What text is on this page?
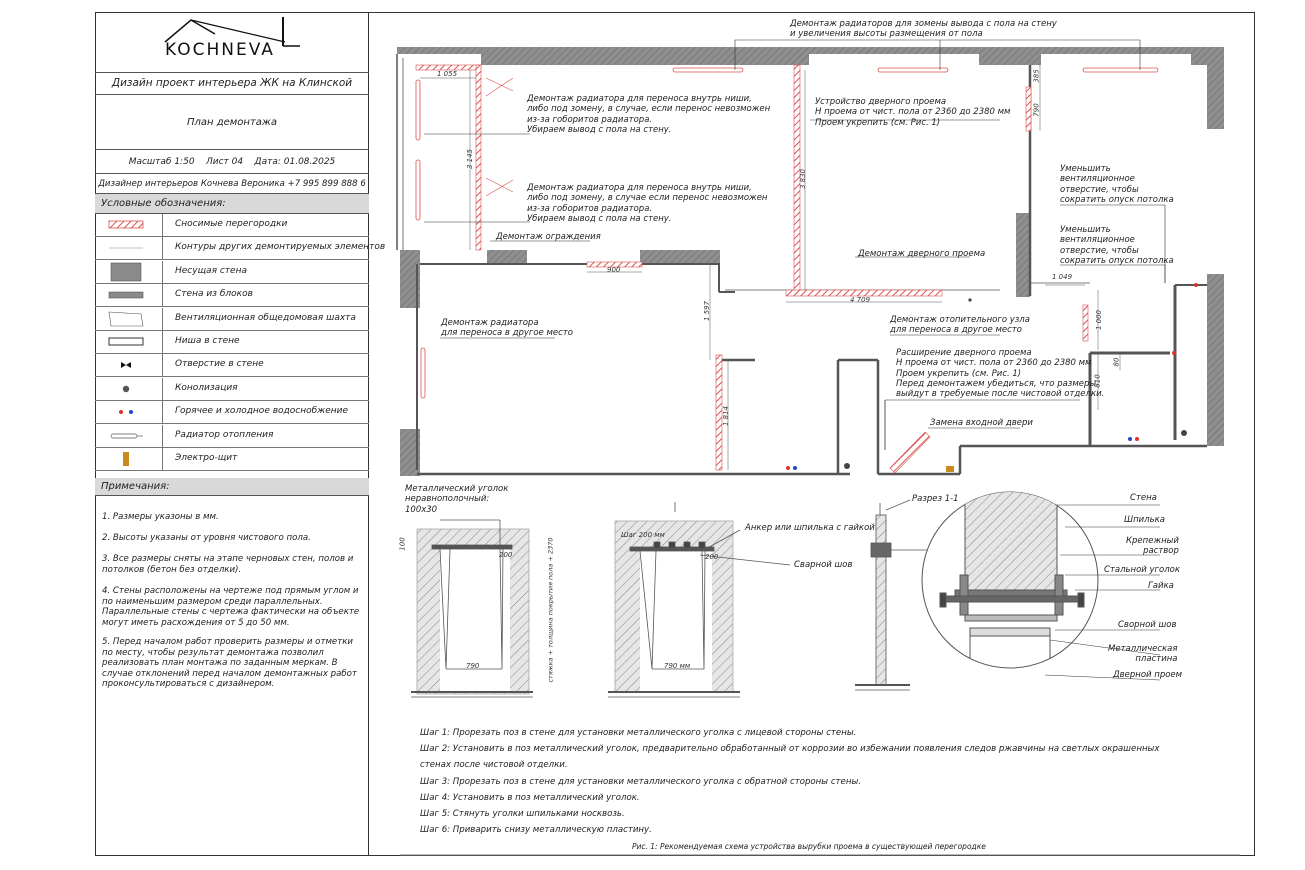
KOCHNEVA
Дизайн проект интерьера ЖК на Клинской
План демонтажа
Масштаб 1:50    Лист 04    Дата: 01.08.2025
Дизайнер интерьеров Кочнева Вероника +7 995 899 888 6
Условные обозначения:
Сносимые перегородки
Контуры других демонтируемых элементов
Несущая стена
Стена из блоков
Вентиляционная общедомовая шахта
Ниша в стене
Отверстие в стене
Конолизация
Горячее и холодное водоснобжение
Радиатор отопления
Электро-щит
Примечания:
1. Размеры указоны в мм.
2. Высоты указаны от уровня чистового пола.
3. Все размеры сняты на этапе черновых стен, полов и потолков (бетон без отделки).
4. Стены расположены на чертеже под прямым углом и по наименьшим размером среди параллельных. Параллельные стены с чертежа фактически на объекте могут иметь расхождения от 5 до 50 мм.
5. Перед началом работ проверить размеры и отметки по месту, чтобы результат демонтажа позволил реализовать план монтажа по заданным меркам. В случае отклонений перед началом демонтажных работ проконсультироваться с дизайнером.
Демонтаж радиаторов для зомены вывода с пола на стену
и увеличения высоты размещения от пола
Демонтаж радиатора для переноса внутрь ниши,
либо под зомену, в случае, если перенос невозможен
из-за гоборитов радиатора.
Убираем вывод с пола на стену.
Демонтаж радиатора для переноса внутрь ниши,
либо под зомену, в случае если перенос невозможен
из-за гоборитов радиатора.
Убираем вывод с пола на стену.
Устройство дверного проема
H проема от чист. пола от 2360 до 2380 мм
Проем укрепить (см. Рис. 1)
Уменьшить
вентиляционное
отверстие, чтобы
сократить опуск потолка
Уменьшить
вентиляционное
отверстие, чтобы
сократить опуск потолка
Демонтаж ограждения
Демонтаж дверного проема
Демонтаж радиатора
для переноса в другое место
Демонтаж отопительного узла
для переноса в другое место
Расширение дверного проема
H проема от чист. пола от 2360 до 2380 мм
Проем укрепить (см. Рис. 1)
Перед демонтажем убедиться, что размеры
выйдут в требуемые после чистовой отделки.
Замена входной двери
1 055
3 145
900
1 597
1 814
3 830
4 709
385
790
1 049
1 000
810
80
Металлический уголок
неравнополочный:
100х30
100
200	200
790	790 мм
стяжка + толщина покрытия пола + 2370
Шаг 200 мм
Анкер или шпилька с гайкой
Сварной шов
Разрез 1-1	Стена
Шпилька
Крепежный
раствор
Стальной уголок
Гайка
Сворной шов
Металлическая
пластина
Дверной проем
Шаг 1: Прорезать поз в стене для установки металлического уголка с лицевой стороны стены.
Шаг 2: Установить в поз металлический уголок, предварительно обработанный от коррозии во избежании появления следов ржавчины на светлых окрашенных
стенах после чистовой отделки.
Шаг 3: Прорезать поз в стене для установки металлического уголка с обратной стороны стены.
Шаг 4: Установить в поз металлический уголок.
Шаг 5: Стянуть уголки шпильками носквозь.
Шаг 6: Приварить снизу металлическую пластину.
Рис. 1: Рекомендуемая схема устройства вырубки проема в существующей перегородке
